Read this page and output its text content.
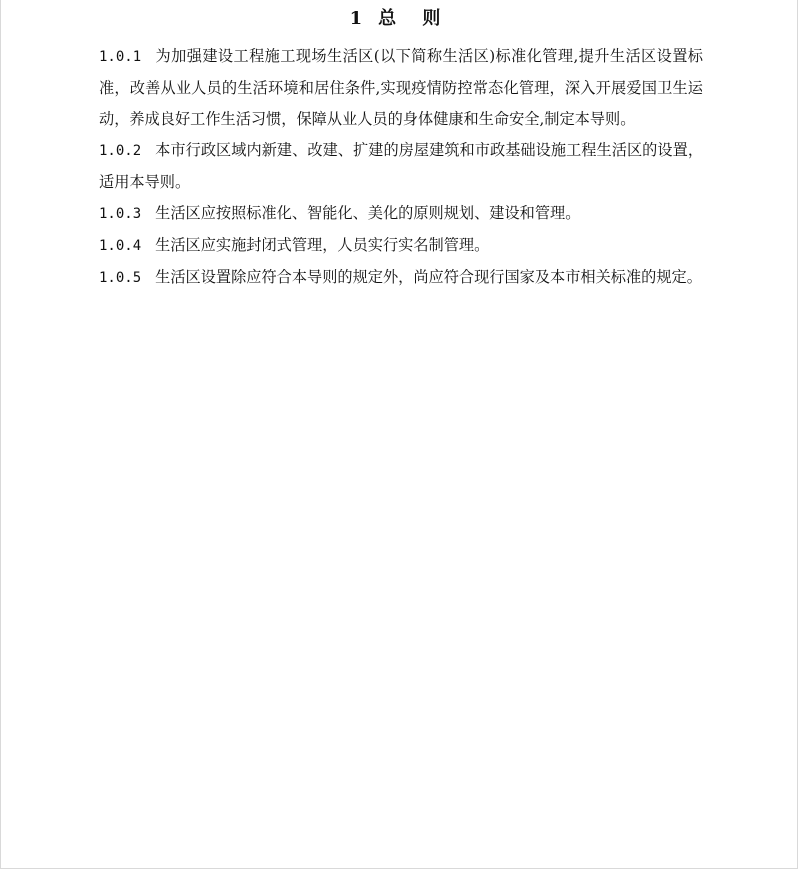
1 总 则

1.0.1 为加强建设工程施工现场生活区(以下简称生活区)标准化管理,提升生活区设置标准，改善从业人员的生活环境和居住条件,实现疫情防控常态化管理，深入开展爱国卫生运动，养成良好工作生活习惯，保障从业人员的身体健康和生命安全,制定本导则。

1.0.2 本市行政区域内新建、改建、扩建的房屋建筑和市政基础设施工程生活区的设置，适用本导则。

1.0.3 生活区应按照标准化、智能化、美化的原则规划、建设和管理。

1.0.4 生活区应实施封闭式管理，人员实行实名制管理。

1.0.5 生活区设置除应符合本导则的规定外，尚应符合现行国家及本市相关标准的规定。
